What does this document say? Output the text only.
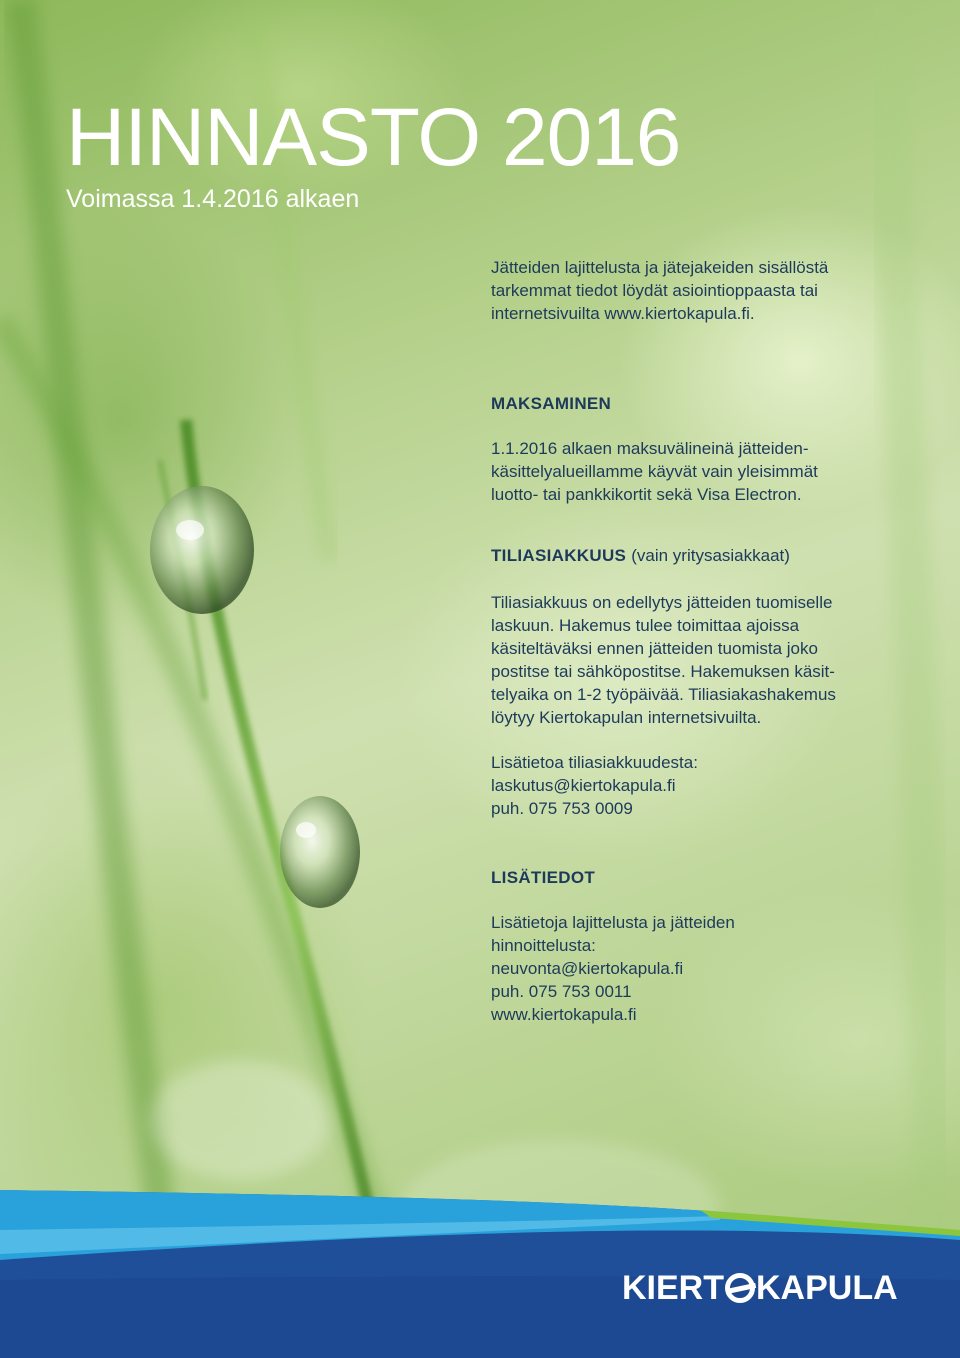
HINNASTO 2016
Voimassa 1.4.2016 alkaen

Jätteiden lajittelusta ja jätejakeiden sisällöstä

tarkemmat tiedot löydät asiointioppaasta tai

internetsivuilta www.kiertokapula.fi.

MAKSAMINEN

1.1.2016 alkaen maksuvälineinä jätteiden-

käsittelyalueillamme käyvät vain yleisimmät

luotto- tai pankkikortit sekä Visa Electron.

TILIASIAKKUUS (vain yritysasiakkaat)

Tiliasiakkuus on edellytys jätteiden tuomiselle

laskuun. Hakemus tulee toimittaa ajoissa

käsiteltäväksi ennen jätteiden tuomista joko

postitse tai sähköpostitse. Hakemuksen käsit-

telyaika on 1-2 työpäivää. Tiliasiakashakemus

löytyy Kiertokapulan internetsivuilta.

Lisätietoa tiliasiakkuudesta:

laskutus@kiertokapula.fi

puh. 075 753 0009

LISÄTIEDOT

Lisätietoja lajittelusta ja jätteiden

hinnoittelusta:

neuvonta@kiertokapula.fi

puh. 075 753 0011

www.kiertokapula.fi

KIERT KAPULA
